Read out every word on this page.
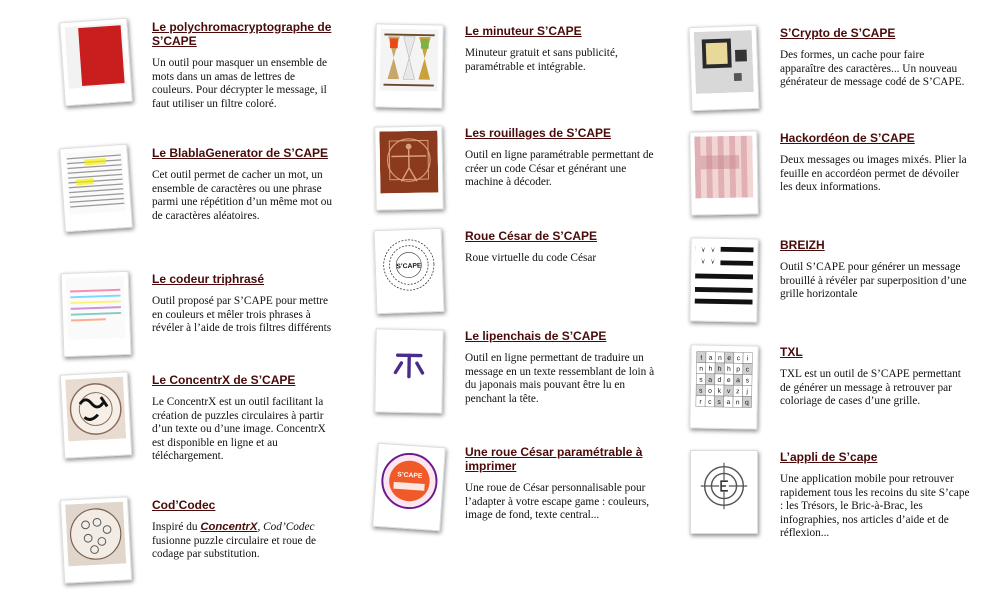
Le polychromacryptographe de S’CAPE

Un outil pour masquer un ensemble de mots dans un amas de lettres de couleurs. Pour décrypter le message, il faut utiliser un filtre coloré.

Le BlablaGenerator de S’CAPE

Cet outil permet de cacher un mot, un ensemble de caractères ou une phrase parmi une répétition d’un même mot ou de caractères aléatoires.

Le codeur triphrasé

Outil proposé par S’CAPE pour mettre en couleurs et mêler trois phrases à révéler à l’aide de trois filtres différents

Le ConcentrX de S’CAPE

Le ConcentrX est un outil facilitant la création de puzzles circulaires à partir d’un texte ou d’une image. ConcentrX est disponible en ligne et au téléchargement.

Cod’Codec

Inspiré du ConcentrX, Cod’Codec fusionne puzzle circulaire et roue de codage par substitution.

Le minuteur S’CAPE

Minuteur gratuit et sans publicité, paramétrable et intégrable.

Les rouillages de S’CAPE

Outil en ligne paramétrable permettant de créer un code César et générant une machine à décoder.

S’CAPE
Roue César de S’CAPE

Roue virtuelle du code César

Le lipenchais de S’CAPE

Outil en ligne permettant de traduire un message en un texte ressemblant de loin à du japonais mais pouvant être lu en penchant la tête.

S’CAPE
Une roue César paramétrable à imprimer

Une roue de César personnalisable pour l’adapter à votre escape game : couleurs, image de fond, texte central...

S’Crypto de S’CAPE

Des formes, un cache pour faire apparaître des caractères... Un nouveau générateur de message codé de S’CAPE.

Hackordéon de S’CAPE

Deux messages ou images mixés. Plier la feuille en accordéon permet de dévoiler les deux informations.

BREIZH

Outil S’CAPE pour générer un message brouillé à révéler par superposition d’une grille horizontale

t a n e c i
n h h h p c
s a d e a s
s o k v z j
r c s a n q
TXL

TXL est un outil de S’CAPE permettant de générer un message à retrouver par coloriage de cases d’une grille.

L’appli de S’cape

Une application mobile pour retrouver rapidement tous les recoins du site S’cape : les Trésors, le Bric-à-Brac, les infographies, nos articles d’aide et de réflexion...
